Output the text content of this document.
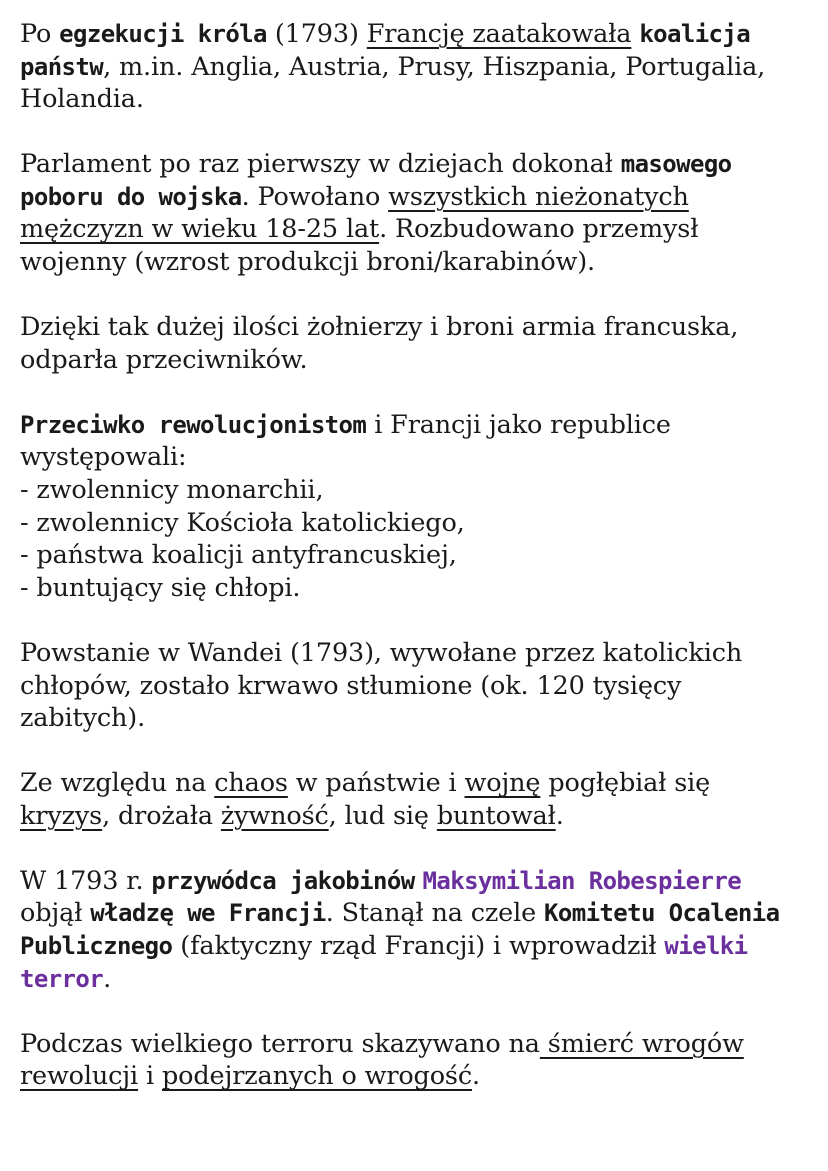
Po egzekucji króla (1793) Francję zaatakowała koalicja państw, m.in. Anglia, Austria, Prusy, Hiszpania, Portugalia, Holandia.

Parlament po raz pierwszy w dziejach dokonał masowego poboru do wojska. Powołano wszystkich nieżonatych mężczyzn w wieku 18-25 lat. Rozbudowano przemysł wojenny (wzrost produkcji broni/karabinów).

Dzięki tak dużej ilości żołnierzy i broni armia francuska, odparła przeciwników.

Przeciwko rewolucjonistom i Francji jako republice występowali:
- zwolennicy monarchii,
- zwolennicy Kościoła katolickiego,
- państwa koalicji antyfrancuskiej,
- buntujący się chłopi.

Powstanie w Wandei (1793), wywołane przez katolickich chłopów, zostało krwawo stłumione (ok. 120 tysięcy zabitych).

Ze względu na chaos w państwie i wojnę pogłębiał się kryzys, drożała żywność, lud się buntował.

W 1793 r. przywódca jakobinów Maksymilian Robespierre objął władzę we Francji. Stanął na czele Komitetu Ocalenia Publicznego (faktyczny rząd Francji) i wprowadził wielki terror.

Podczas wielkiego terroru skazywano na śmierć wrogów rewolucji i podejrzanych o wrogość.
